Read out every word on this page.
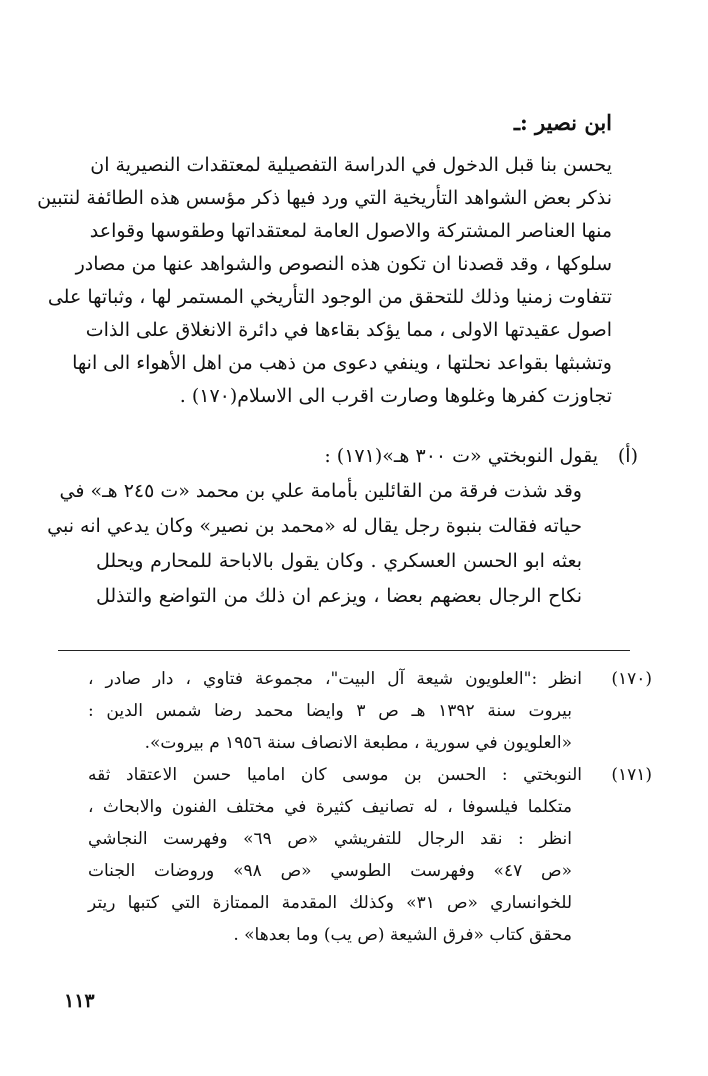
ابن نصير :ـ
يحسن بنا قبل الدخول في الدراسة التفصيلية لمعتقدات النصيرية ان
نذكر بعض الشواهد التأريخية التي ورد فيها ذكر مؤسس هذه الطائفة لنتبين
منها العناصر المشتركة والاصول العامة لمعتقداتها وطقوسها وقواعد
سلوكها ، وقد قصدنا ان تكون هذه النصوص والشواهد عنها من مصادر
تتفاوت زمنيا وذلك للتحقق من الوجود التأريخي المستمر لها ، وثباتها على
اصول عقيدتها الاولى ، مما يؤكد بقاءها في دائرة الانغلاق على الذات
وتشبثها بقواعد نحلتها ، وينفي دعوى من ذهب من اهل الأهواء الى انها
تجاوزت كفرها وغلوها وصارت اقرب الى الاسلام(١٧٠) .
(أ)
يقول النوبختي «ت ٣٠٠ هـ»(١٧١) :
وقد شذت فرقة من القائلين بأمامة علي بن محمد «ت ٢٤٥ هـ» في
حياته فقالت بنبوة رجل يقال له «محمد بن نصير» وكان يدعي انه نبي
بعثه ابو الحسن العسكري . وكان يقول بالاباحة للمحارم ويحلل
نكاح الرجال بعضهم بعضا ، ويزعم ان ذلك من التواضع والتذلل
(١٧٠)
انظر :"العلويون شيعة آل البيت"، مجموعة فتاوي ، دار صادر ،
بيروت سنة ١٣٩٢ هـ ص ٣ وايضا محمد رضا شمس الدين :
«العلويون في سورية ، مطبعة الانصاف سنة ١٩٥٦ م بيروت».
(١٧١)
النوبختي : الحسن بن موسى كان اماميا حسن الاعتقاد ثقه
متكلما فيلسوفا ، له تصانيف كثيرة في مختلف الفنون والابحاث ،
انظر : نقد الرجال للتفريشي «ص ٦٩» وفهرست النجاشي
«ص ٤٧» وفهرست الطوسي «ص ٩٨» وروضات الجنات
للخوانساري «ص ٣١» وكذلك المقدمة الممتازة التي كتبها ريتر
محقق كتاب «فرق الشيعة (ص يب) وما بعدها» .
١١٣
